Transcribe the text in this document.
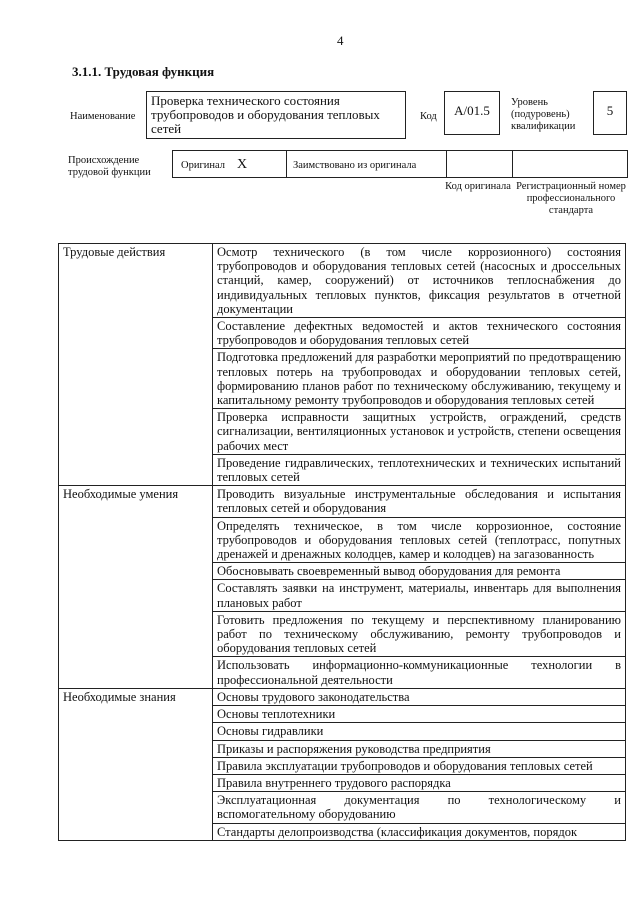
4
3.1.1. Трудовая функция
Наименование
Проверка технического состояния трубопроводов и оборудования тепловых сетей
Код	А/01.5
Уровень (подуровень) квалификации
5
Происхождение трудовой функции
Оригинал X	Заимствовано из оригинала
Код оригинала Регистрационный номер профессионального стандарта
Трудовые действия	Осмотр технического (в том числе коррозионного) состояния трубопроводов и оборудования тепловых сетей (насосных и дроссельных станций, камер, сооружений) от источников теплоснабжения до индивидуальных тепловых пунктов, фиксация результатов в отчетной документации
	Составление дефектных ведомостей и актов технического состояния трубопроводов и оборудования тепловых сетей
	Подготовка предложений для разработки мероприятий по предотвращению тепловых потерь на трубопроводах и оборудовании тепловых сетей, формированию планов работ по техническому обслуживанию, текущему и капитальному ремонту трубопроводов и оборудования тепловых сетей
	Проверка исправности защитных устройств, ограждений, средств сигнализации, вентиляционных установок и устройств, степени освещения рабочих мест
	Проведение гидравлических, теплотехнических и технических испытаний тепловых сетей
Необходимые умения	Проводить визуальные инструментальные обследования и испытания тепловых сетей и оборудования
	Определять техническое, в том числе коррозионное, состояние трубопроводов и оборудования тепловых сетей (теплотрасс, попутных дренажей и дренажных колодцев, камер и колодцев) на загазованность
	Обосновывать своевременный вывод оборудования для ремонта
	Составлять заявки на инструмент, материалы, инвентарь для выполнения плановых работ
	Готовить предложения по текущему и перспективному планированию работ по техническому обслуживанию, ремонту трубопроводов и оборудования тепловых сетей
	Использовать информационно-коммуникационные технологии в профессиональной деятельности
Необходимые знания	Основы трудового законодательства
	Основы теплотехники
	Основы гидравлики
	Приказы и распоряжения руководства предприятия
	Правила эксплуатации трубопроводов и оборудования тепловых сетей
	Правила внутреннего трудового распорядка
	Эксплуатационная документация по технологическому и вспомогательному оборудованию
	Стандарты делопроизводства (классификация документов, порядок
